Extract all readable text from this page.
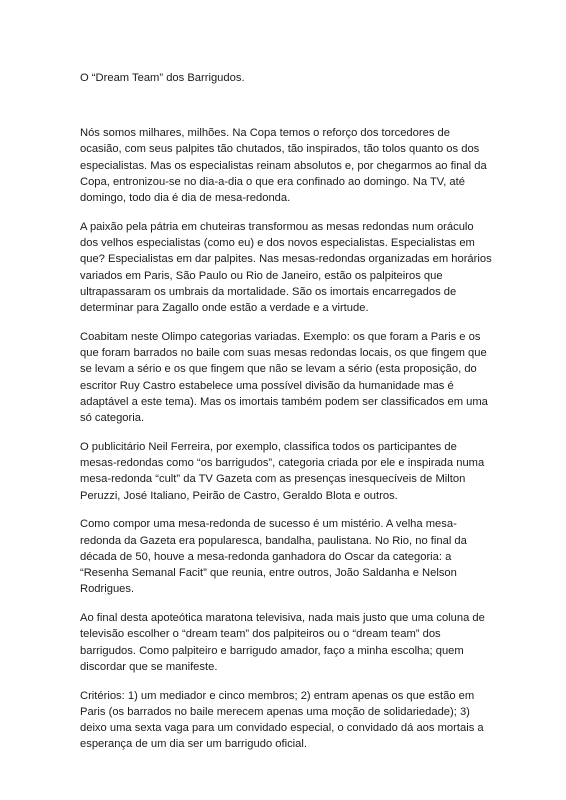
O “Dream Team” dos Barrigudos.

Nós somos milhares, milhões. Na Copa temos o reforço dos torcedores de
ocasião, com seus palpites tão chutados, tão inspirados, tão tolos quanto os dos
especialistas. Mas os especialistas reinam absolutos e, por chegarmos ao final da
Copa, entronizou-se no dia-a-dia o que era confinado ao domingo. Na TV, até
domingo, todo dia é dia de mesa-redonda.

A paixão pela pátria em chuteiras transformou as mesas redondas num oráculo
dos velhos especialistas (como eu) e dos novos especialistas. Especialistas em
que? Especialistas em dar palpites. Nas mesas-redondas organizadas em horários
variados em Paris, São Paulo ou Rio de Janeiro, estão os palpiteiros que
ultrapassaram os umbrais da mortalidade. São os imortais encarregados de
determinar para Zagallo onde estão a verdade e a virtude.

Coabitam neste Olimpo categorias variadas. Exemplo: os que foram a Paris e os
que foram barrados no baile com suas mesas redondas locais, os que fingem que
se levam a sério e os que fingem que não se levam a sério (esta proposição, do
escritor Ruy Castro estabelece uma possível divisão da humanidade mas é
adaptável a este tema). Mas os imortais também podem ser classificados em uma
só categoria.

O publicitário Neil Ferreira, por exemplo, classifica todos os participantes de
mesas-redondas como “os barrigudos”, categoria criada por ele e inspirada numa
mesa-redonda “cult” da TV Gazeta com as presenças inesquecíveis de Milton
Peruzzi, José Italiano, Peirão de Castro, Geraldo Blota e outros.

Como compor uma mesa-redonda de sucesso é um mistério. A velha mesa-
redonda da Gazeta era popularesca, bandalha, paulistana. No Rio, no final da
década de 50, houve a mesa-redonda ganhadora do Oscar da categoria: a
“Resenha Semanal Facit” que reunia, entre outros, João Saldanha e Nelson
Rodrigues.

Ao final desta apoteótica maratona televisiva, nada mais justo que uma coluna de
televisão escolher o “dream team” dos palpiteiros ou o “dream team” dos
barrigudos. Como palpiteiro e barrigudo amador, faço a minha escolha; quem
discordar que se manifeste.

Critérios: 1) um mediador e cinco membros; 2) entram apenas os que estão em
Paris (os barrados no baile merecem apenas uma moção de solidariedade); 3)
deixo uma sexta vaga para um convidado especial, o convidado dá aos mortais a
esperança de um dia ser um barrigudo oficial.
